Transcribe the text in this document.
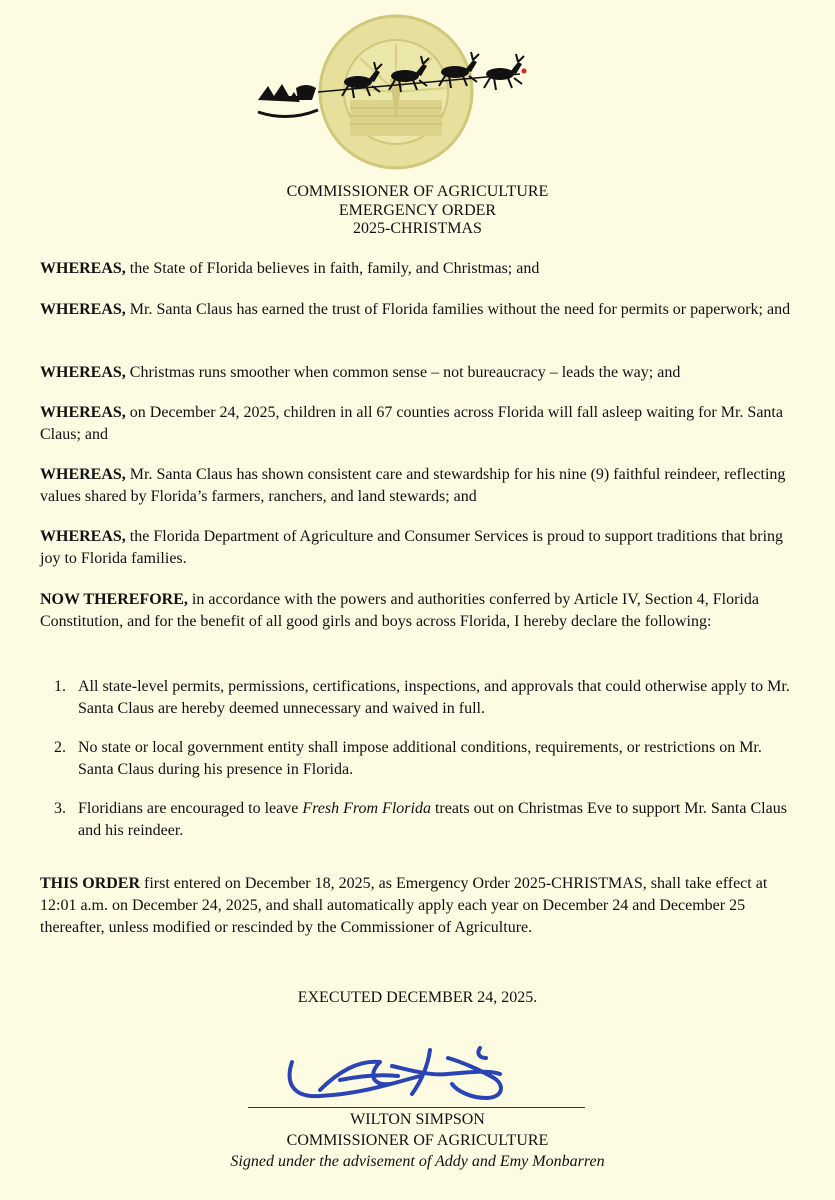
COMMISSIONER OF AGRICULTURE
EMERGENCY ORDER
2025-CHRISTMAS

WHEREAS, the State of Florida believes in faith, family, and Christmas; and

WHEREAS, Mr. Santa Claus has earned the trust of Florida families without the need for permits or paperwork; and

WHEREAS, Christmas runs smoother when common sense – not bureaucracy – leads the way; and

WHEREAS, on December 24, 2025, children in all 67 counties across Florida will fall asleep waiting for Mr. Santa Claus; and

WHEREAS, Mr. Santa Claus has shown consistent care and stewardship for his nine (9) faithful reindeer, reflecting values shared by Florida’s farmers, ranchers, and land stewards; and

WHEREAS, the Florida Department of Agriculture and Consumer Services is proud to support traditions that bring joy to Florida families.

NOW THEREFORE, in accordance with the powers and authorities conferred by Article IV, Section 4, Florida Constitution, and for the benefit of all good girls and boys across Florida, I hereby declare the following:

1. All state-level permits, permissions, certifications, inspections, and approvals that could otherwise apply to Mr. Santa Claus are hereby deemed unnecessary and waived in full.
2. No state or local government entity shall impose additional conditions, requirements, or restrictions on Mr. Santa Claus during his presence in Florida.
3. Floridians are encouraged to leave Fresh From Florida treats out on Christmas Eve to support Mr. Santa Claus and his reindeer.

THIS ORDER first entered on December 18, 2025, as Emergency Order 2025-CHRISTMAS, shall take effect at 12:01 a.m. on December 24, 2025, and shall automatically apply each year on December 24 and December 25 thereafter, unless modified or rescinded by the Commissioner of Agriculture.

EXECUTED DECEMBER 24, 2025.
WILTON SIMPSON
COMMISSIONER OF AGRICULTURE
Signed under the advisement of Addy and Emy Monbarren
